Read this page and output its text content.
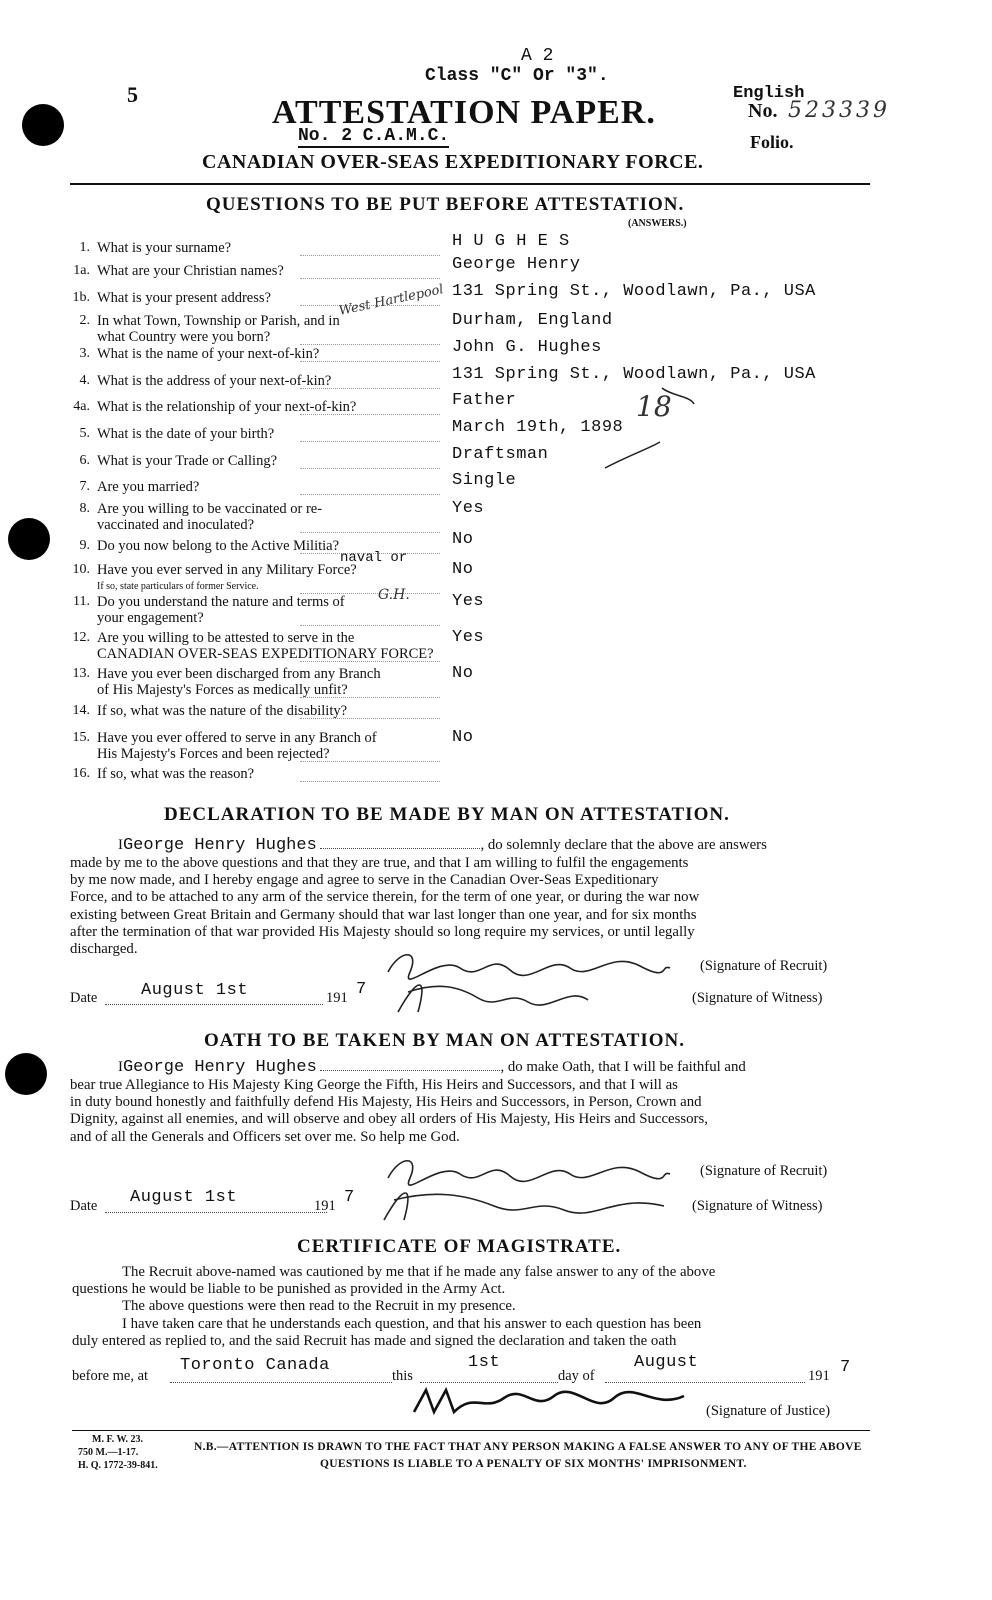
5
A 2
Class "C" Or "3".
ATTESTATION PAPER.
No. 2 C.A.M.C.
CANADIAN OVER-SEAS EXPEDITIONARY FORCE.
English
No. 523339
Folio.
QUESTIONS TO BE PUT BEFORE ATTESTATION.
(ANSWERS.)
1. What is your surname?	H U G H E S
1a. What are your Christian names?	George Henry
1b. What is your present address?	131 Spring St., Woodlawn, Pa., USA
2. In what Town, Township or Parish, and in
what Country were you born?
Durham, England
3. What is the name of your next-of-kin?	John G. Hughes
4. What is the address of your next-of-kin?	131 Spring St., Woodlawn, Pa., USA
4a. What is the relationship of your next-of-kin?	Father
5. What is the date of your birth?	March 19th, 1898
6. What is your Trade or Calling?	Draftsman
7. Are you married?	Single
8. Are you willing to be vaccinated or re-
vaccinated and inoculated?
Yes
9. Do you now belong to the Active Militia?	No
10. Have you ever served in any Military Force?
If so, state particulars of former Service.
No
11. Do you understand the nature and terms of
your engagement?
Yes
12. Are you willing to be attested to serve in the
CANADIAN OVER-SEAS EXPEDITIONARY FORCE?
Yes
13. Have you ever been discharged from any Branch
of His Majesty's Forces as medically unfit?
No
14. If so, what was the nature of the disability?
15. Have you ever offered to serve in any Branch of
His Majesty's Forces and been rejected?
No
16. If so, what was the reason?
West Hartlepool
naval or
18
G.H.
DECLARATION TO BE MADE BY MAN ON ATTESTATION.
IGeorge Henry Hughes	, do solemnly declare that the above are answers
made by me to the above questions and that they are true, and that I am willing to fulfil the engagements
by me now made, and I hereby engage and agree to serve in the Canadian Over-Seas Expeditionary
Force, and to be attached to any arm of the service therein, for the term of one year, or during the war now
existing between Great Britain and Germany should that war last longer than one year, and for six months
after the termination of that war provided His Majesty should so long require my services, or until legally
discharged.
(Signature of Recruit)
Date	August 1st	191 7	(Signature of Witness)
OATH TO BE TAKEN BY MAN ON ATTESTATION.
IGeorge Henry Hughes	, do make Oath, that I will be faithful and
bear true Allegiance to His Majesty King George the Fifth, His Heirs and Successors, and that I will as
in duty bound honestly and faithfully defend His Majesty, His Heirs and Successors, in Person, Crown and
Dignity, against all enemies, and will observe and obey all orders of His Majesty, His Heirs and Successors,
and of all the Generals and Officers set over me. So help me God.
(Signature of Recruit)
Date August 1st	191 7	(Signature of Witness)
CERTIFICATE OF MAGISTRATE.
The Recruit above-named was cautioned by me that if he made any false answer to any of the above
questions he would be liable to be punished as provided in the Army Act.
The above questions were then read to the Recruit in my presence.
I have taken care that he understands each question, and that his answer to each question has been
duly entered as replied to, and the said Recruit has made and signed the declaration and taken the oath
before me, at
Toronto Canada
this
1st
day of
August
191 7
(Signature of Justice)
M. F. W. 23.
750 M.—1-17.
H. Q. 1772-39-841.
N.B.—ATTENTION IS DRAWN TO THE FACT THAT ANY PERSON MAKING A FALSE ANSWER TO ANY OF THE ABOVE
QUESTIONS IS LIABLE TO A PENALTY OF SIX MONTHS' IMPRISONMENT.
